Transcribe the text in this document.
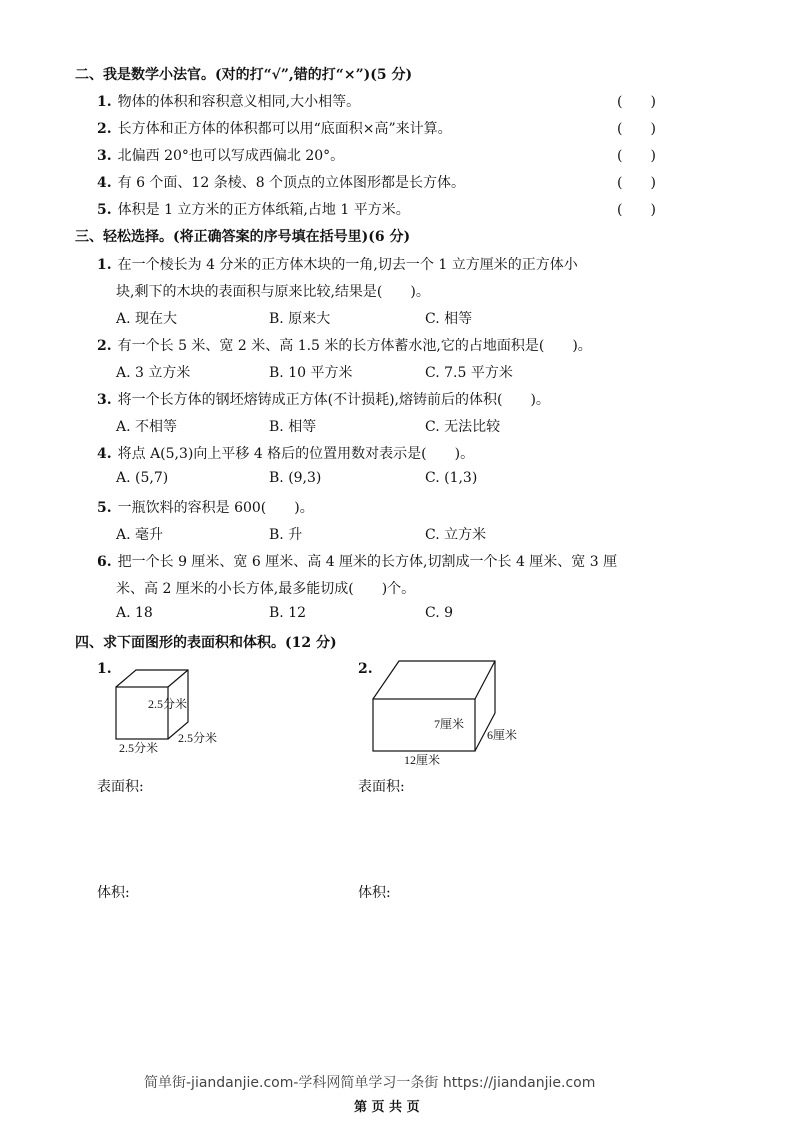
二、我是数学小法官。(对的打“√”,错的打“×”)(5 分)
1. 物体的体积和容积意义相同,大小相等。	(　　)
2. 长方体和正方体的体积都可以用“底面积×高”来计算。	(　　)
3. 北偏西 20°也可以写成西偏北 20°。	(　　)
4. 有 6 个面、12 条棱、8 个顶点的立体图形都是长方体。	(　　)
5. 体积是 1 立方米的正方体纸箱,占地 1 平方米。	(　　)
三、轻松选择。(将正确答案的序号填在括号里)(6 分)
1. 在一个棱长为 4 分米的正方体木块的一角,切去一个 1 立方厘米的正方体小
块,剩下的木块的表面积与原来比较,结果是(　　)。
A. 现在大	B. 原来大	C. 相等
2. 有一个长 5 米、宽 2 米、高 1.5 米的长方体蓄水池,它的占地面积是(　　)。
A. 3 立方米	B. 10 平方米	C. 7.5 平方米
3. 将一个长方体的钢坯熔铸成正方体(不计损耗),熔铸前后的体积(　　)。
A. 不相等	B. 相等	C. 无法比较
4. 将点 A(5,3)向上平移 4 格后的位置用数对表示是(　　)。
A. (5,7)	B. (9,3)	C. (1,3)
5. 一瓶饮料的容积是 600(　　)。
A. 毫升	B. 升	C. 立方米
6. 把一个长 9 厘米、宽 6 厘米、高 4 厘米的长方体,切割成一个长 4 厘米、宽 3 厘
米、高 2 厘米的小长方体,最多能切成(　　)个。
A. 18	B. 12	C. 9
四、求下面图形的表面积和体积。(12 分)
1.
2.5分米
2.5分米
2.5分米
2.
7厘米
6厘米
12厘米
表面积:	表面积:
体积:	体积:
简单街-jiandanjie.com-学科网简单学习一条街 https://jiandanjie.com
第 页 共 页
